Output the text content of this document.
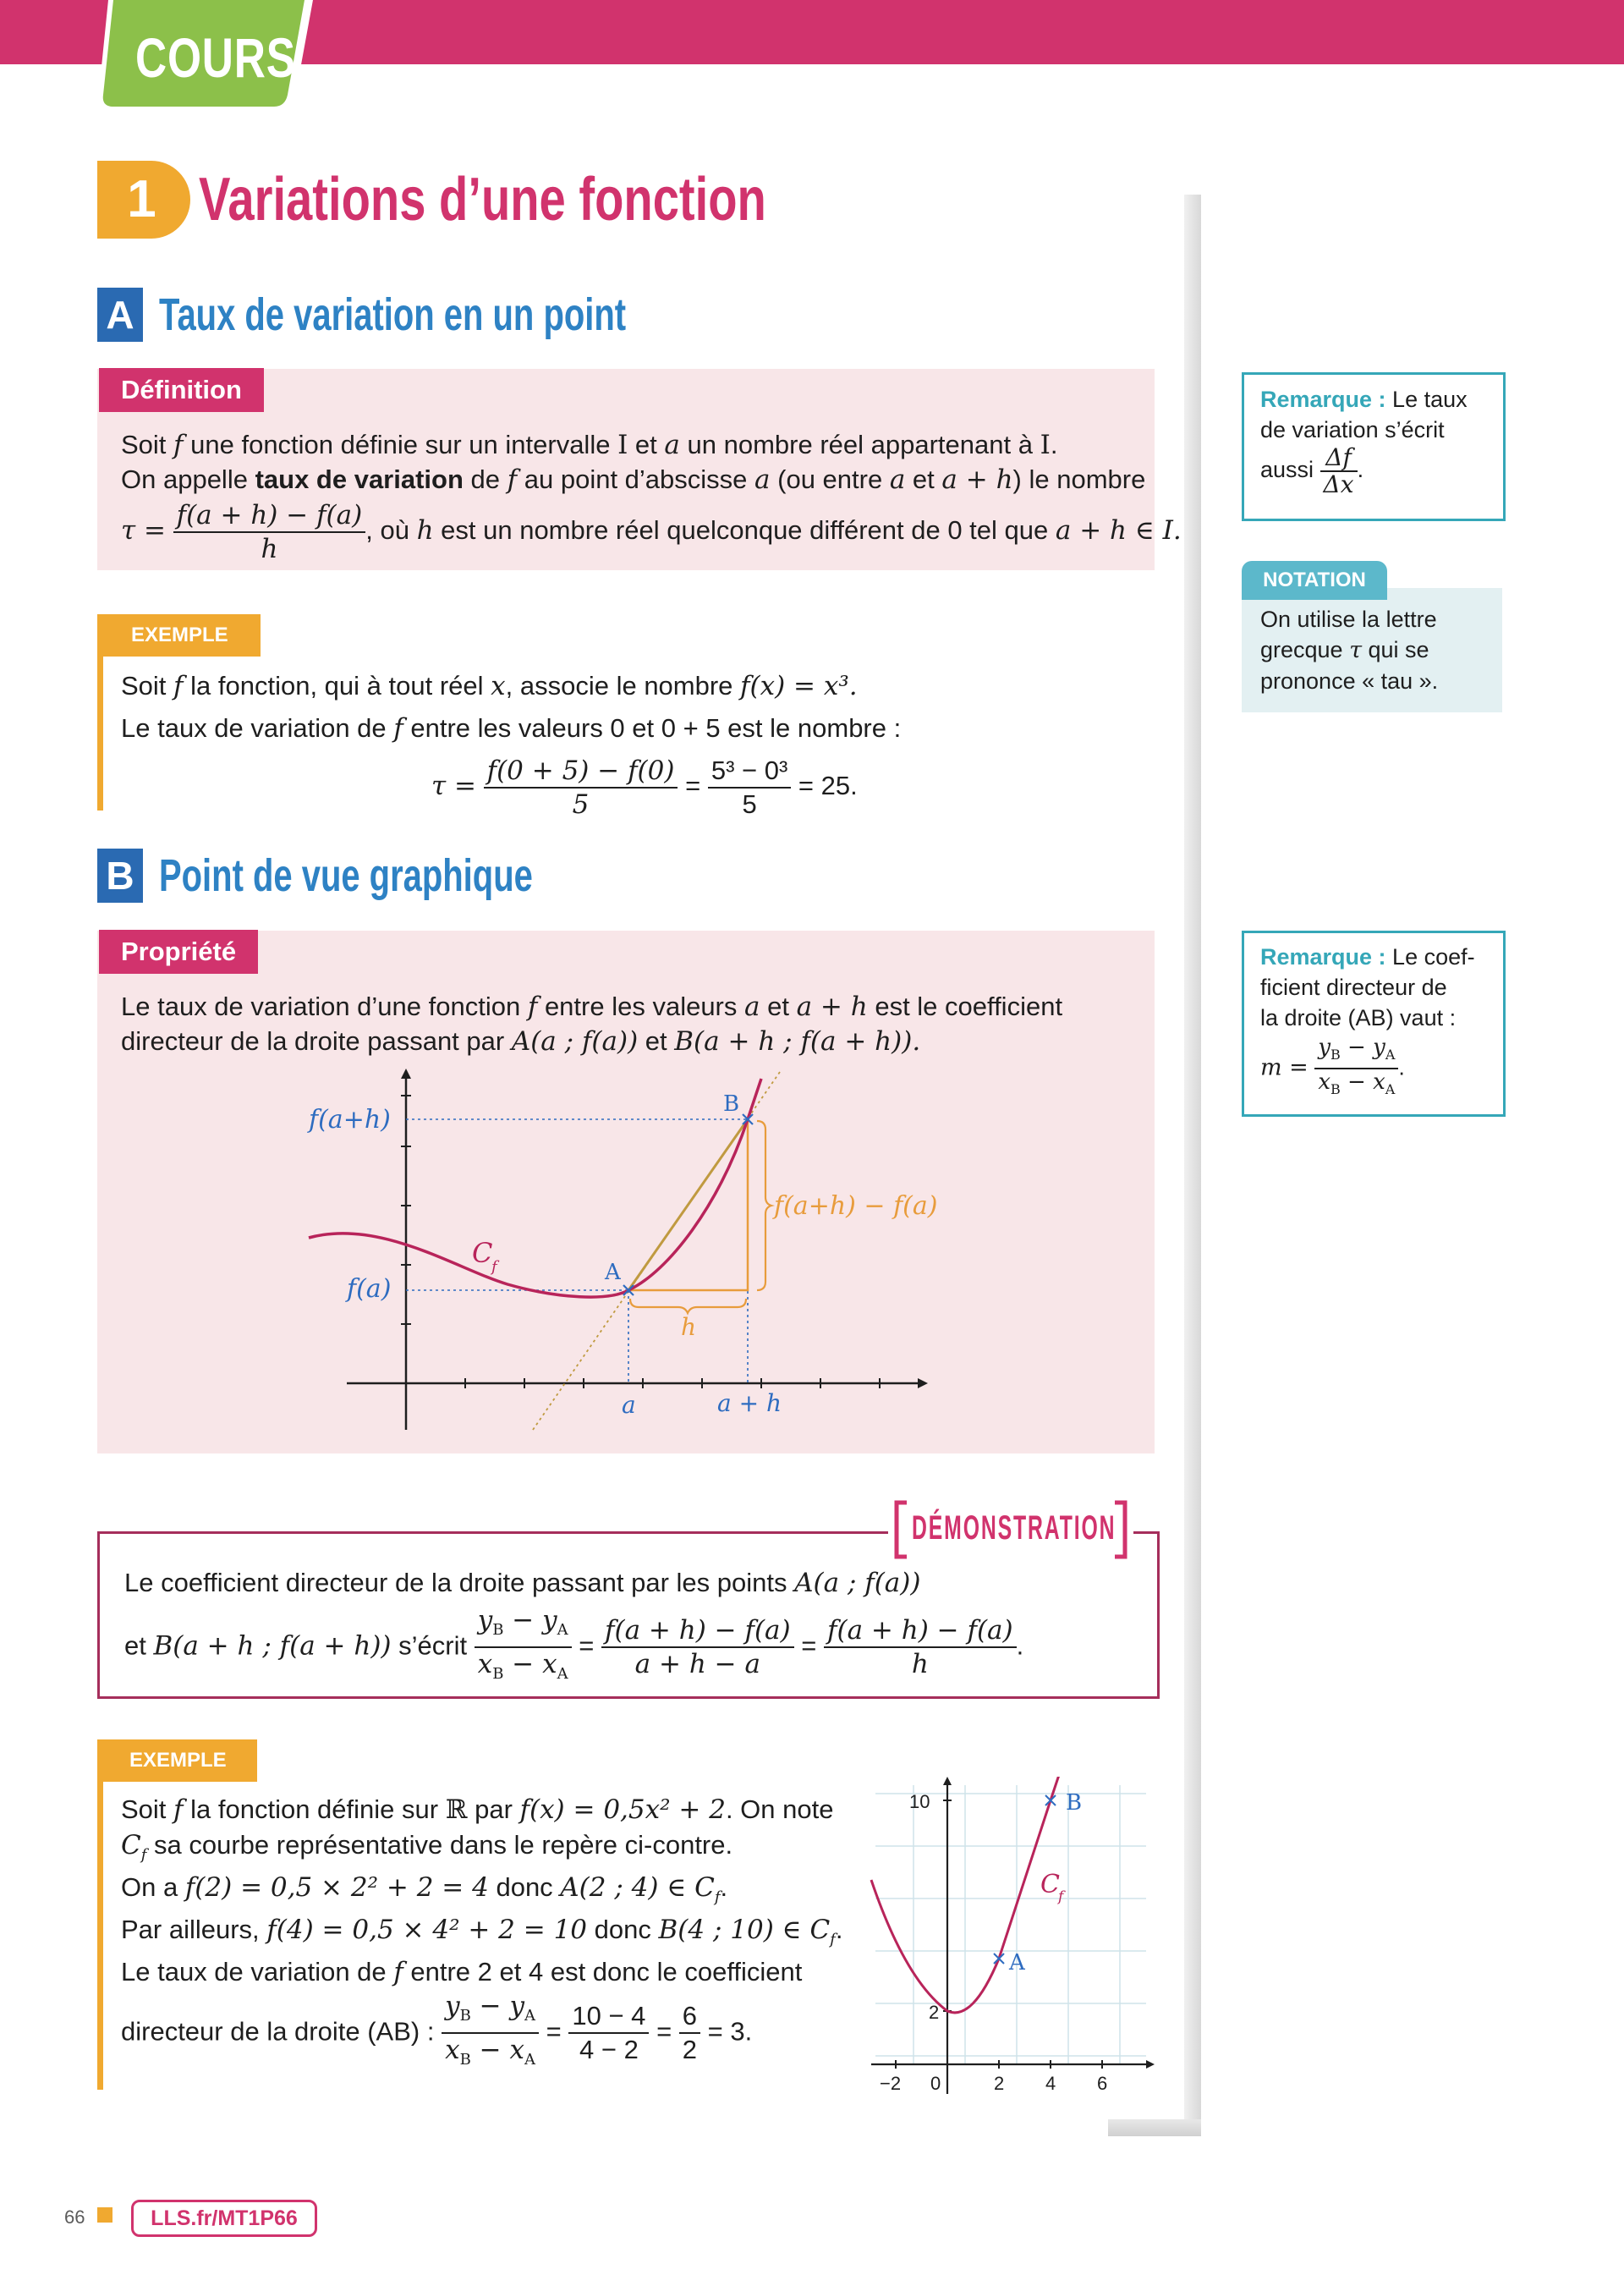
COURS
1 Variations d’une fonction
A Taux de variation en un point
Définition
Soit f une fonction définie sur un intervalle I et a un nombre réel appartenant à I.
On appelle taux de variation de f au point d’abscisse a (ou entre a et a + h) le nombre
$\tau = \frac{f(a + h) - f(a)}{h}$ , où h est un nombre réel quelconque différent de 0 tel que a + h ∈ I.
EXEMPLE
Soit f la fonction, qui à tout réel x, associe le nombre f(x) = x³.
Le taux de variation de f entre les valeurs 0 et 0 + 5 est le nombre :
$\tau = \frac{f(0 + 5) - f(0)}{5} = \frac{\text{5³ − 0³}}{5} = 25$.
Remarque : Le taux
de variation s’écrit
aussi $\frac{\Delta f}{\Delta x}$ .
NOTATION
On utilise la lettre
grecque τ qui se
prononce « tau ».
B Point de vue graphique
Propriété
Le taux de variation d’une fonction f entre les valeurs a et a + h est le coefficient
directeur de la droite passant par A(a ; f(a)) et B(a + h ; f(a + h)).
f(a+h)
f(a)
B
A
C
f
f(a+h) − f(a)
h
a	a + h
Remarque : Le coef-
ficient directeur de
la droite (AB) vaut :
$m = \frac{y_B - y_A}{x_B - x_A}$ .
DÉMONSTRATION
Le coefficient directeur de la droite passant par les points A(a ; f(a))
et B(a + h ; f(a + h)) s’écrit $\frac{y_B - y_A}{x_B - x_A} = \frac{f(a + h) - f(a)}{a + h - a} = \frac{f(a + h) - f(a)}{h}$ .
EXEMPLE
Soit f la fonction définie sur ℝ par f(x) = 0,5x² + 2. On note
$C_f$ sa courbe représentative dans le repère ci-contre.
On a f(2) = 0,5 × 2² + 2 = 4 donc A(2 ; 4) ∈ $C_f$.
Par ailleurs, f(4) = 0,5 × 4² + 2 = 10 donc B(4 ; 10) ∈ $C_f$.
Le taux de variation de f entre 2 et 4 est donc le coefficient
directeur de la droite (AB) : $\frac{y_B - y_A}{x_B - x_A} = \frac{10 - 4}{4 - 2} = \frac{6}{2} = 3$.
10
2
−2 0	2 4 6
B
A
C
f
66	LLS.fr/MT1P66
